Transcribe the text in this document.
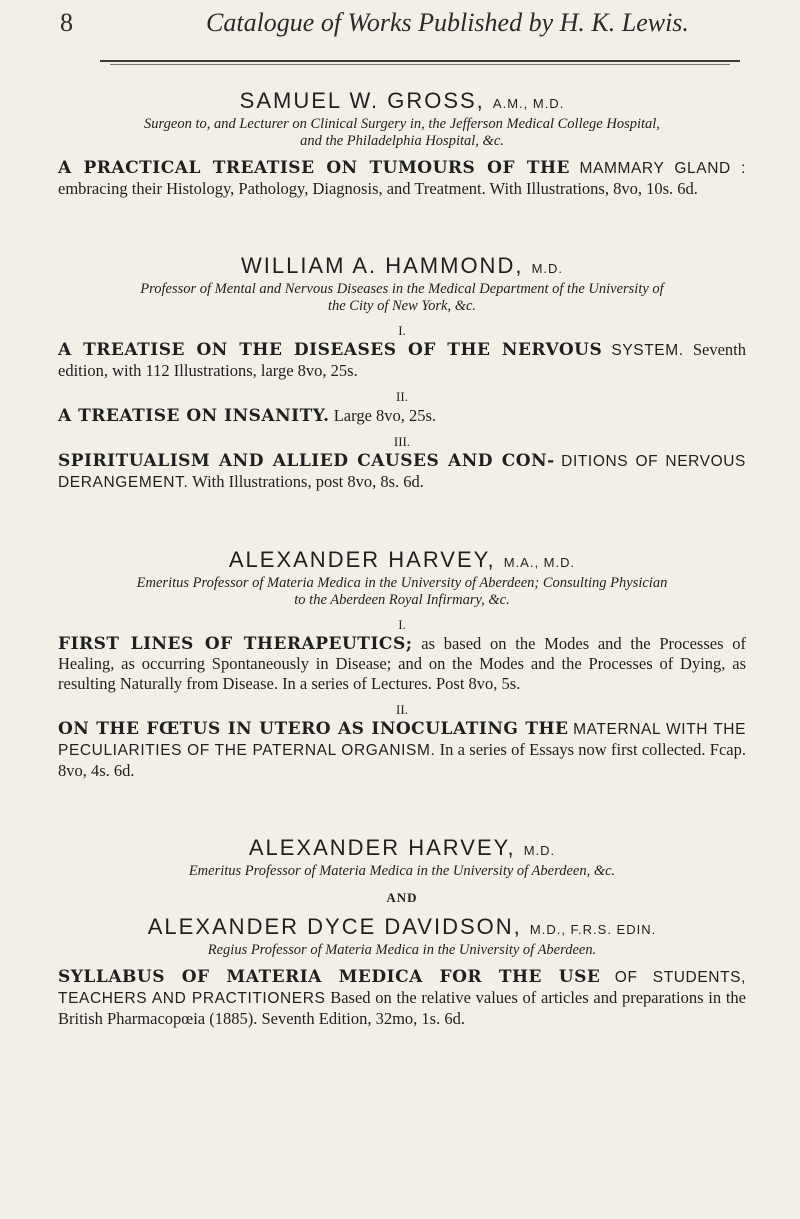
8	Catalogue of Works Published by H. K. Lewis.

SAMUEL W. GROSS, A.M., M.D.

Surgeon to, and Lecturer on Clinical Surgery in, the Jefferson Medical College Hospital,
and the Philadelphia Hospital, &c.

A PRACTICAL TREATISE ON TUMOURS OF THE MAMMARY GLAND : embracing their Histology, Pathology, Diagnosis, and Treatment. With Illustrations, 8vo, 10s. 6d.

WILLIAM A. HAMMOND, M.D.

Professor of Mental and Nervous Diseases in the Medical Department of the University of
the City of New York, &c.

I.

A TREATISE ON THE DISEASES OF THE NERVOUS SYSTEM. Seventh edition, with 112 Illustrations, large 8vo, 25s.

II.

A TREATISE ON INSANITY. Large 8vo, 25s.

III.

SPIRITUALISM AND ALLIED CAUSES AND CON- DITIONS OF NERVOUS DERANGEMENT. With Illustrations, post 8vo, 8s. 6d.

ALEXANDER HARVEY, M.A., M.D.

Emeritus Professor of Materia Medica in the University of Aberdeen; Consulting Physician
to the Aberdeen Royal Infirmary, &c.

I.

FIRST LINES OF THERAPEUTICS; as based on the Modes and the Processes of Healing, as occurring Spontaneously in Disease; and on the Modes and the Processes of Dying, as resulting Naturally from Disease. In a series of Lectures. Post 8vo, 5s.

II.

ON THE FŒTUS IN UTERO AS INOCULATING THE MATERNAL WITH THE PECULIARITIES OF THE PATERNAL ORGANISM. In a series of Essays now first collected. Fcap. 8vo, 4s. 6d.

ALEXANDER HARVEY, M.D.

Emeritus Professor of Materia Medica in the University of Aberdeen, &c.

AND

ALEXANDER DYCE DAVIDSON, M.D., F.R.S. EDIN.

Regius Professor of Materia Medica in the University of Aberdeen.

SYLLABUS OF MATERIA MEDICA FOR THE USE OF STUDENTS, TEACHERS AND PRACTITIONERS Based on the relative values of articles and preparations in the British Pharmacopœia (1885). Seventh Edition, 32mo, 1s. 6d.
